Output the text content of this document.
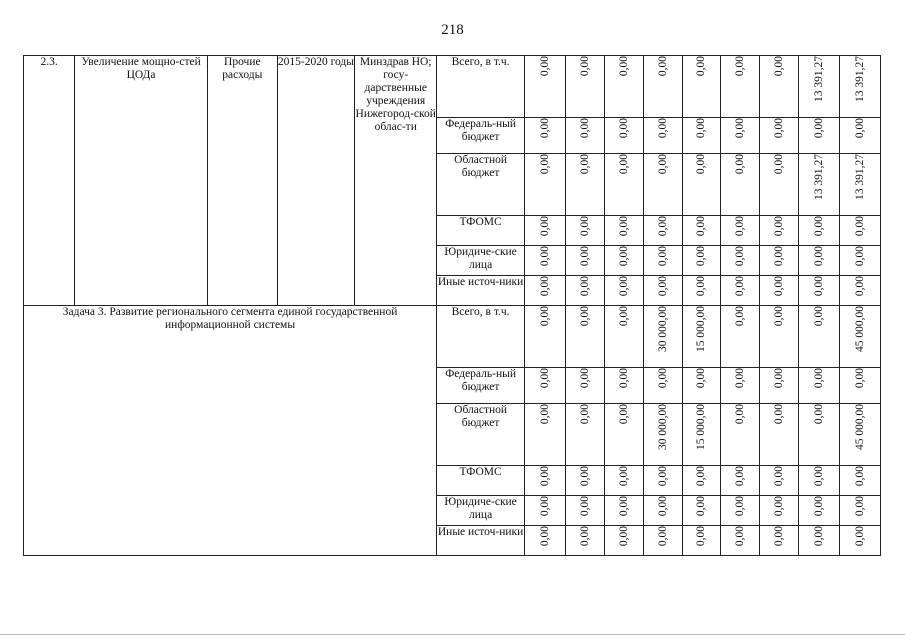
218
2.3.	Увеличение мощно-стей ЦОДа	Прочие расходы	2015-2020 годы	Минздрав НО; госу-дарственные учреждения Нижегород-ской облас-ти	Всего, в т.ч.	0,00	0,00	0,00	0,00	0,00	0,00	0,00	13 391,27	13 391,27

					Федераль-ный бюджет	0,00	0,00	0,00	0,00	0,00	0,00	0,00	0,00	0,00

					Областной бюджет	0,00	0,00	0,00	0,00	0,00	0,00	0,00	13 391,27	13 391,27

					ТФОМС	0,00	0,00	0,00	0,00	0,00	0,00	0,00	0,00	0,00

					Юридиче-ские лица	0,00	0,00	0,00	0,00	0,00	0,00	0,00	0,00	0,00

					Иные источ-ники	0,00	0,00	0,00	0,00	0,00	0,00	0,00	0,00	0,00

Задача 3. Развитие регионального сегмента единой государственной информационной системы					Всего, в т.ч.	0,00	0,00	0,00	30 000,00	15 000,00	0,00	0,00	0,00	45 000,00

					Федераль-ный бюджет	0,00	0,00	0,00	0,00	0,00	0,00	0,00	0,00	0,00

					Областной бюджет	0,00	0,00	0,00	30 000,00	15 000,00	0,00	0,00	0,00	45 000,00

					ТФОМС	0,00	0,00	0,00	0,00	0,00	0,00	0,00	0,00	0,00

					Юридиче-ские лица	0,00	0,00	0,00	0,00	0,00	0,00	0,00	0,00	0,00

					Иные источ-ники	0,00	0,00	0,00	0,00	0,00	0,00	0,00	0,00	0,00
